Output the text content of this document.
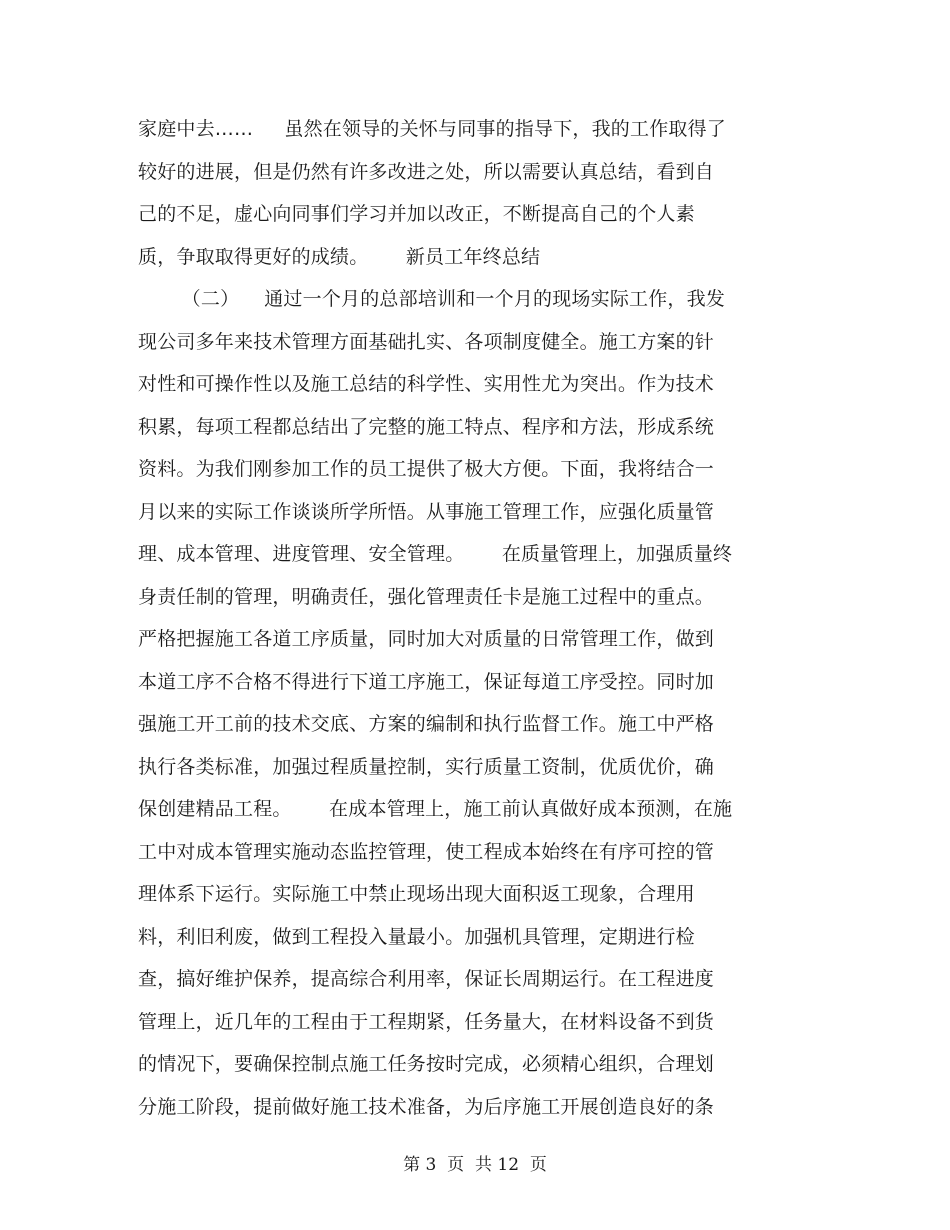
家庭中去……     虽然在领导的关怀与同事的指导下，我的工作取得了
较好的进展，但是仍然有许多改进之处，所以需要认真总结，看到自
己的不足，虚心向同事们学习并加以改正，不断提高自己的个人素
质，争取取得更好的成绩。      新员工年终总结
（二）    通过一个月的总部培训和一个月的现场实际工作，我发
现公司多年来技术管理方面基础扎实、各项制度健全。施工方案的针
对性和可操作性以及施工总结的科学性、实用性尤为突出。作为技术
积累，每项工程都总结出了完整的施工特点、程序和方法，形成系统
资料。为我们刚参加工作的员工提供了极大方便。下面，我将结合一
月以来的实际工作谈谈所学所悟。从事施工管理工作，应强化质量管
理、成本管理、进度管理、安全管理。      在质量管理上，加强质量终
身责任制的管理，明确责任，强化管理责任卡是施工过程中的重点。
严格把握施工各道工序质量，同时加大对质量的日常管理工作，做到
本道工序不合格不得进行下道工序施工，保证每道工序受控。同时加
强施工开工前的技术交底、方案的编制和执行监督工作。施工中严格
执行各类标准，加强过程质量控制，实行质量工资制，优质优价，确
保创建精品工程。      在成本管理上，施工前认真做好成本预测，在施
工中对成本管理实施动态监控管理，使工程成本始终在有序可控的管
理体系下运行。实际施工中禁止现场出现大面积返工现象，合理用
料，利旧利废，做到工程投入量最小。加强机具管理，定期进行检
查，搞好维护保养，提高综合利用率，保证长周期运行。在工程进度
管理上，近几年的工程由于工程期紧，任务量大，在材料设备不到货
的情况下，要确保控制点施工任务按时完成，必须精心组织，合理划
分施工阶段，提前做好施工技术准备，为后序施工开展创造良好的条
第 3  页  共 12  页
